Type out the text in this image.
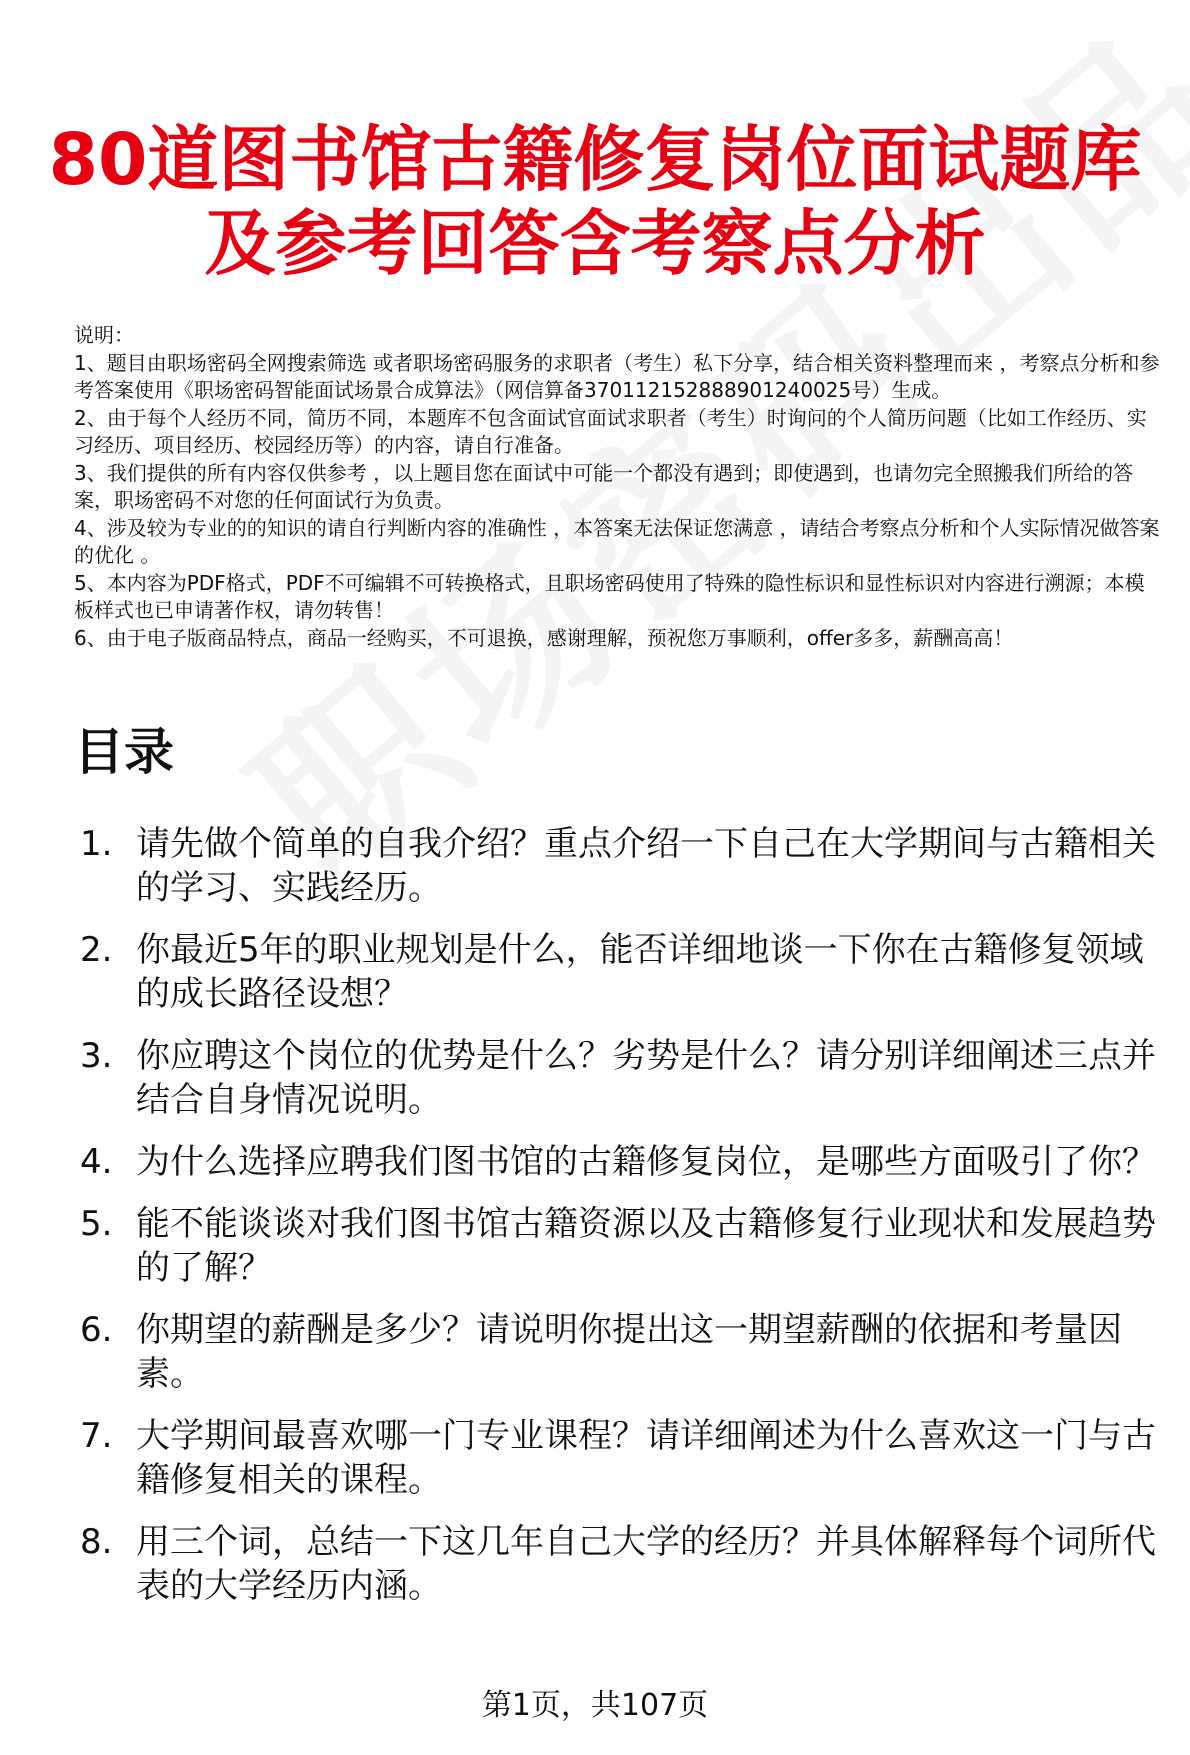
80道图书馆古籍修复岗位面试题库
及参考回答含考察点分析

说明：

1、题目由职场密码全网搜索筛选 或者职场密码服务的求职者（考生）私下分享，结合相关资料整理而来 ，考察点分析和参考答案使用《职场密码智能面试场景合成算法》（网信算备370112152888901240025号）生成。

2、由于每个人经历不同，简历不同，本题库不包含面试官面试求职者（考生）时询问的个人简历问题（比如工作经历、实习经历、项目经历、校园经历等）的内容，请自行准备。

3、我们提供的所有内容仅供参考 ，以上题目您在面试中可能一个都没有遇到；即使遇到，也请勿完全照搬我们所给的答案，职场密码不对您的任何面试行为负责。

4、涉及较为专业的的知识的请自行判断内容的准确性 ，本答案无法保证您满意 ，请结合考察点分析和个人实际情况做答案的优化 。

5、本内容为PDF格式，PDF不可编辑不可转换格式，且职场密码使用了特殊的隐性标识和显性标识对内容进行溯源；本模板样式也已申请著作权，请勿转售！

6、由于电子版商品特点，商品一经购买，不可退换，感谢理解，预祝您万事顺利，offer多多，薪酬高高！

目录
1. 请先做个简单的自我介绍？重点介绍一下自己在大学期间与古籍相关的学习、实践经历。
2. 你最近5年的职业规划是什么，能否详细地谈一下你在古籍修复领域的成长路径设想？
3. 你应聘这个岗位的优势是什么？劣势是什么？请分别详细阐述三点并结合自身情况说明。
4. 为什么选择应聘我们图书馆的古籍修复岗位，是哪些方面吸引了你？
5. 能不能谈谈对我们图书馆古籍资源以及古籍修复行业现状和发展趋势的了解？
6. 你期望的薪酬是多少？请说明你提出这一期望薪酬的依据和考量因素。
7. 大学期间最喜欢哪一门专业课程？请详细阐述为什么喜欢这一门与古籍修复相关的课程。
8. 用三个词，总结一下这几年自己大学的经历？并具体解释每个词所代表的大学经历内涵。
第1页，共107页
